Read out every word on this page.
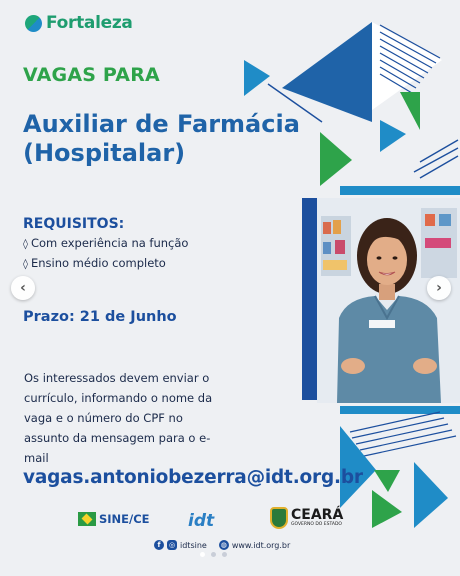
Fortaleza
VAGAS PARA
Auxiliar de Farmácia (Hospitalar)
REQUISITOS:
◊ Com experiência na função
◊ Ensino médio completo
Prazo: 21 de Junho
Os interessados devem enviar o currículo, informando o nome da vaga e o número do CPF no assunto da mensagem para o e-mail
vagas.antoniobezerra@idt.org.br
SINE/CE idt	CEARÁ
GOVERNO DO ESTADO
f	◎ idtsine ◍ www.idt.org.br
‹	›
